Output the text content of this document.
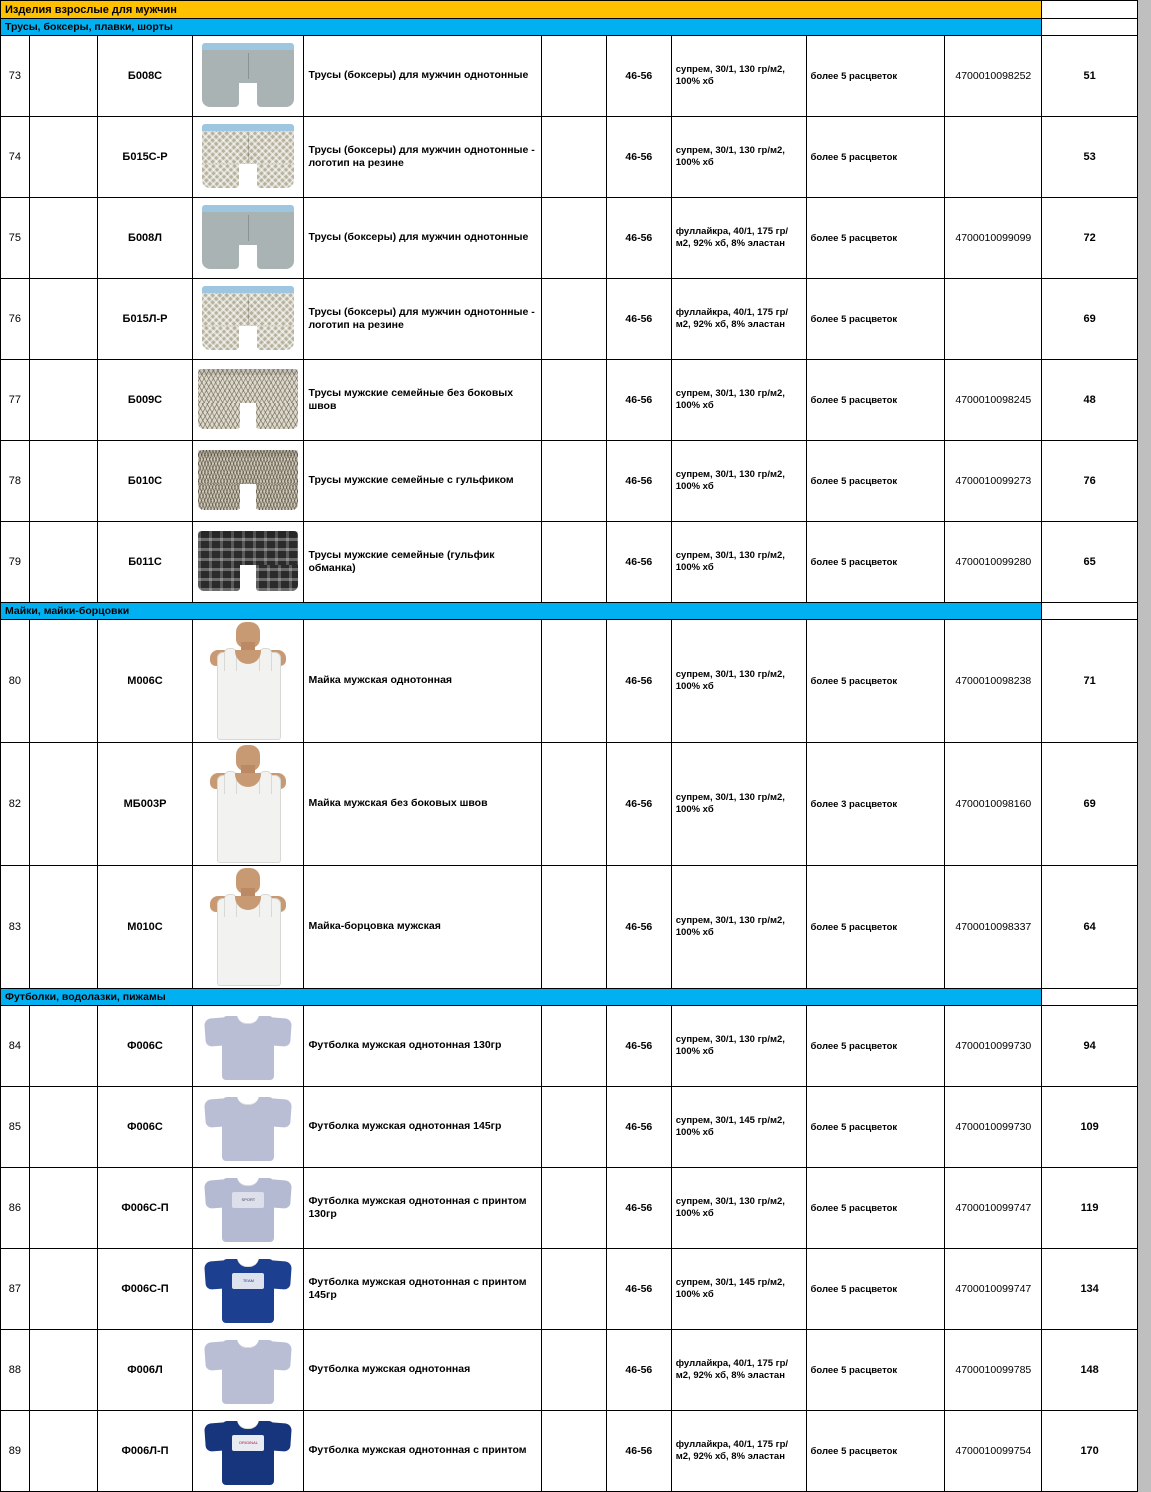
Изделия взрослые для мужчин										
Трусы, боксеры, плавки, шорты										
73		Б008С		Трусы (боксеры) для мужчин однотонные		46-56	супрем, 30/1, 130 гр/м2, 100% хб	более 5 расцветок	4700010098252	51
74		Б015С-Р		Трусы (боксеры) для мужчин однотонные - логотип на резине		46-56	супрем, 30/1, 130 гр/м2, 100% хб	более 5 расцветок		53
75		Б008Л		Трусы (боксеры) для мужчин однотонные		46-56	фуллайкра, 40/1, 175 гр/м2, 92% хб, 8% эластан	более 5 расцветок	4700010099099	72
76		Б015Л-Р		Трусы (боксеры) для мужчин однотонные - логотип на резине		46-56	фуллайкра, 40/1, 175 гр/м2, 92% хб, 8% эластан	более 5 расцветок		69
77		Б009С		Трусы мужские семейные без боковых швов		46-56	супрем, 30/1, 130 гр/м2, 100% хб	более 5 расцветок	4700010098245	48
78		Б010С		Трусы мужские семейные с гульфиком		46-56	супрем, 30/1, 130 гр/м2, 100% хб	более 5 расцветок	4700010099273	76
79		Б011С		Трусы мужские семейные (гульфик обманка)		46-56	супрем, 30/1, 130 гр/м2, 100% хб	более 5 расцветок	4700010099280	65
Майки, майки-борцовки										
80		М006С		Майка мужская однотонная		46-56	супрем, 30/1, 130 гр/м2, 100% хб	более 5 расцветок	4700010098238	71
82		МБ003Р		Майка мужская без боковых швов		46-56	супрем, 30/1, 130 гр/м2, 100% хб	более 3 расцветок	4700010098160	69
83		М010С		Майка-борцовка мужская		46-56	супрем, 30/1, 130 гр/м2, 100% хб	более 5 расцветок	4700010098337	64
Футболки, водолазки, пижамы										
84		Ф006С		Футболка мужская однотонная 130гр		46-56	супрем, 30/1, 130 гр/м2, 100% хб	более 5 расцветок	4700010099730	94
85		Ф006С		Футболка мужская однотонная 145гр		46-56	супрем, 30/1, 145 гр/м2, 100% хб	более 5 расцветок	4700010099730	109
86		Ф006С-П	SPORT	Футболка мужская однотонная с принтом 130гр		46-56	супрем, 30/1, 130 гр/м2, 100% хб	более 5 расцветок	4700010099747	119
87		Ф006С-П	TEAM	Футболка мужская однотонная с принтом 145гр		46-56	супрем, 30/1, 145 гр/м2, 100% хб	более 5 расцветок	4700010099747	134
88		Ф006Л		Футболка мужская однотонная		46-56	фуллайкра, 40/1, 175 гр/м2, 92% хб, 8% эластан	более 5 расцветок	4700010099785	148
89		Ф006Л-П	ORIGINAL	Футболка мужская однотонная с принтом		46-56	фуллайкра, 40/1, 175 гр/м2, 92% хб, 8% эластан	более 5 расцветок	4700010099754	170
